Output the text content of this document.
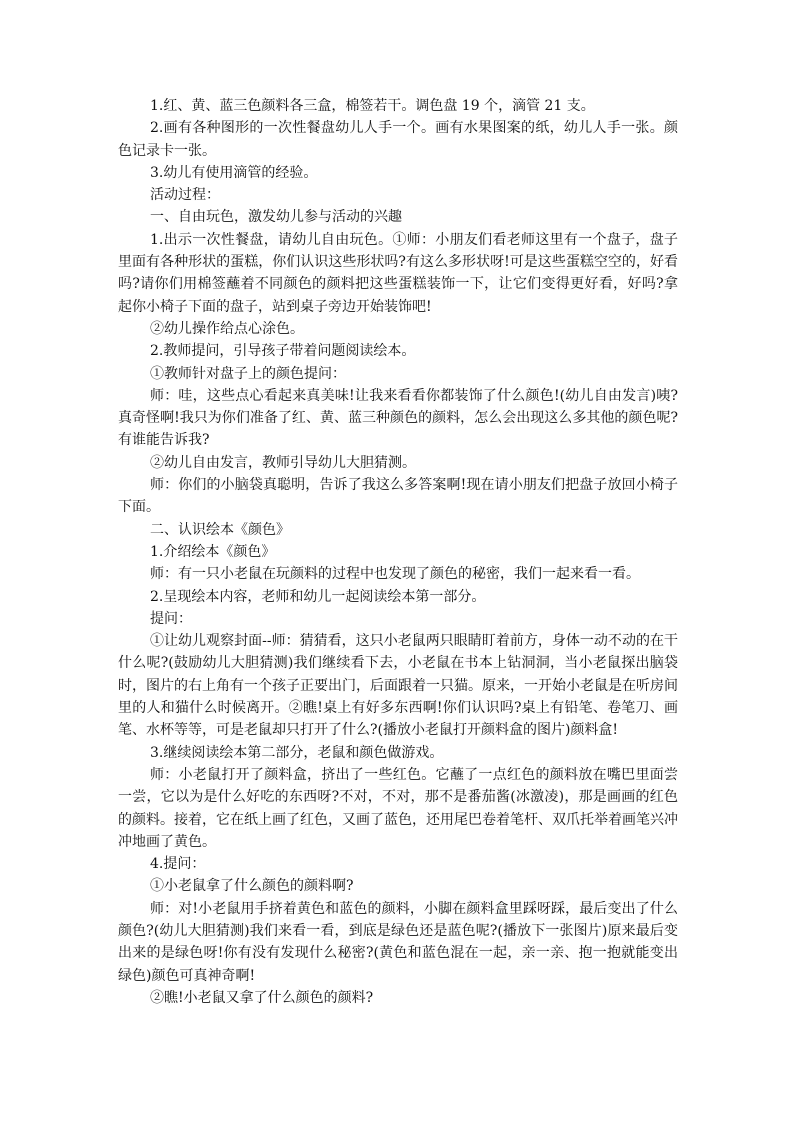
1.红、黄、蓝三色颜料各三盒，棉签若干。调色盘 19 个，滴管 21 支。

2.画有各种图形的一次性餐盘幼儿人手一个。画有水果图案的纸，幼儿人手一张。颜色记录卡一张。

3.幼儿有使用滴管的经验。

活动过程：

一、自由玩色，激发幼儿参与活动的兴趣

1.出示一次性餐盘，请幼儿自由玩色。①师：小朋友们看老师这里有一个盘子，盘子里面有各种形状的蛋糕，你们认识这些形状吗?有这么多形状呀!可是这些蛋糕空空的，好看吗?请你们用棉签蘸着不同颜色的颜料把这些蛋糕装饰一下，让它们变得更好看，好吗?拿起你小椅子下面的盘子，站到桌子旁边开始装饰吧!

②幼儿操作给点心涂色。

2.教师提问，引导孩子带着问题阅读绘本。

①教师针对盘子上的颜色提问：

师：哇，这些点心看起来真美味!让我来看看你都装饰了什么颜色!(幼儿自由发言)咦?真奇怪啊!我只为你们准备了红、黄、蓝三种颜色的颜料，怎么会出现这么多其他的颜色呢?有谁能告诉我?

②幼儿自由发言，教师引导幼儿大胆猜测。

师：你们的小脑袋真聪明，告诉了我这么多答案啊!现在请小朋友们把盘子放回小椅子下面。

二、认识绘本《颜色》

1.介绍绘本《颜色》

师：有一只小老鼠在玩颜料的过程中也发现了颜色的秘密，我们一起来看一看。

2.呈现绘本内容，老师和幼儿一起阅读绘本第一部分。

提问：

①让幼儿观察封面--师：猜猜看，这只小老鼠两只眼睛盯着前方，身体一动不动的在干什么呢?(鼓励幼儿大胆猜测)我们继续看下去，小老鼠在书本上钻洞洞，当小老鼠探出脑袋时，图片的右上角有一个孩子正要出门，后面跟着一只猫。原来，一开始小老鼠是在听房间里的人和猫什么时候离开。②瞧!桌上有好多东西啊!你们认识吗?桌上有铅笔、卷笔刀、画笔、水杯等等，可是老鼠却只打开了什么?(播放小老鼠打开颜料盒的图片)颜料盒!

3.继续阅读绘本第二部分，老鼠和颜色做游戏。

师：小老鼠打开了颜料盒，挤出了一些红色。它蘸了一点红色的颜料放在嘴巴里面尝一尝，它以为是什么好吃的东西呀?不对，不对，那不是番茄酱(冰激凌)，那是画画的红色的颜料。接着，它在纸上画了红色，又画了蓝色，还用尾巴卷着笔杆、双爪托举着画笔兴冲冲地画了黄色。

4.提问：

①小老鼠拿了什么颜色的颜料啊?

师：对!小老鼠用手挤着黄色和蓝色的颜料，小脚在颜料盒里踩呀踩，最后变出了什么颜色?(幼儿大胆猜测)我们来看一看，到底是绿色还是蓝色呢?(播放下一张图片)原来最后变出来的是绿色呀!你有没有发现什么秘密?(黄色和蓝色混在一起，亲一亲、抱一抱就能变出绿色)颜色可真神奇啊!

②瞧!小老鼠又拿了什么颜色的颜料?
